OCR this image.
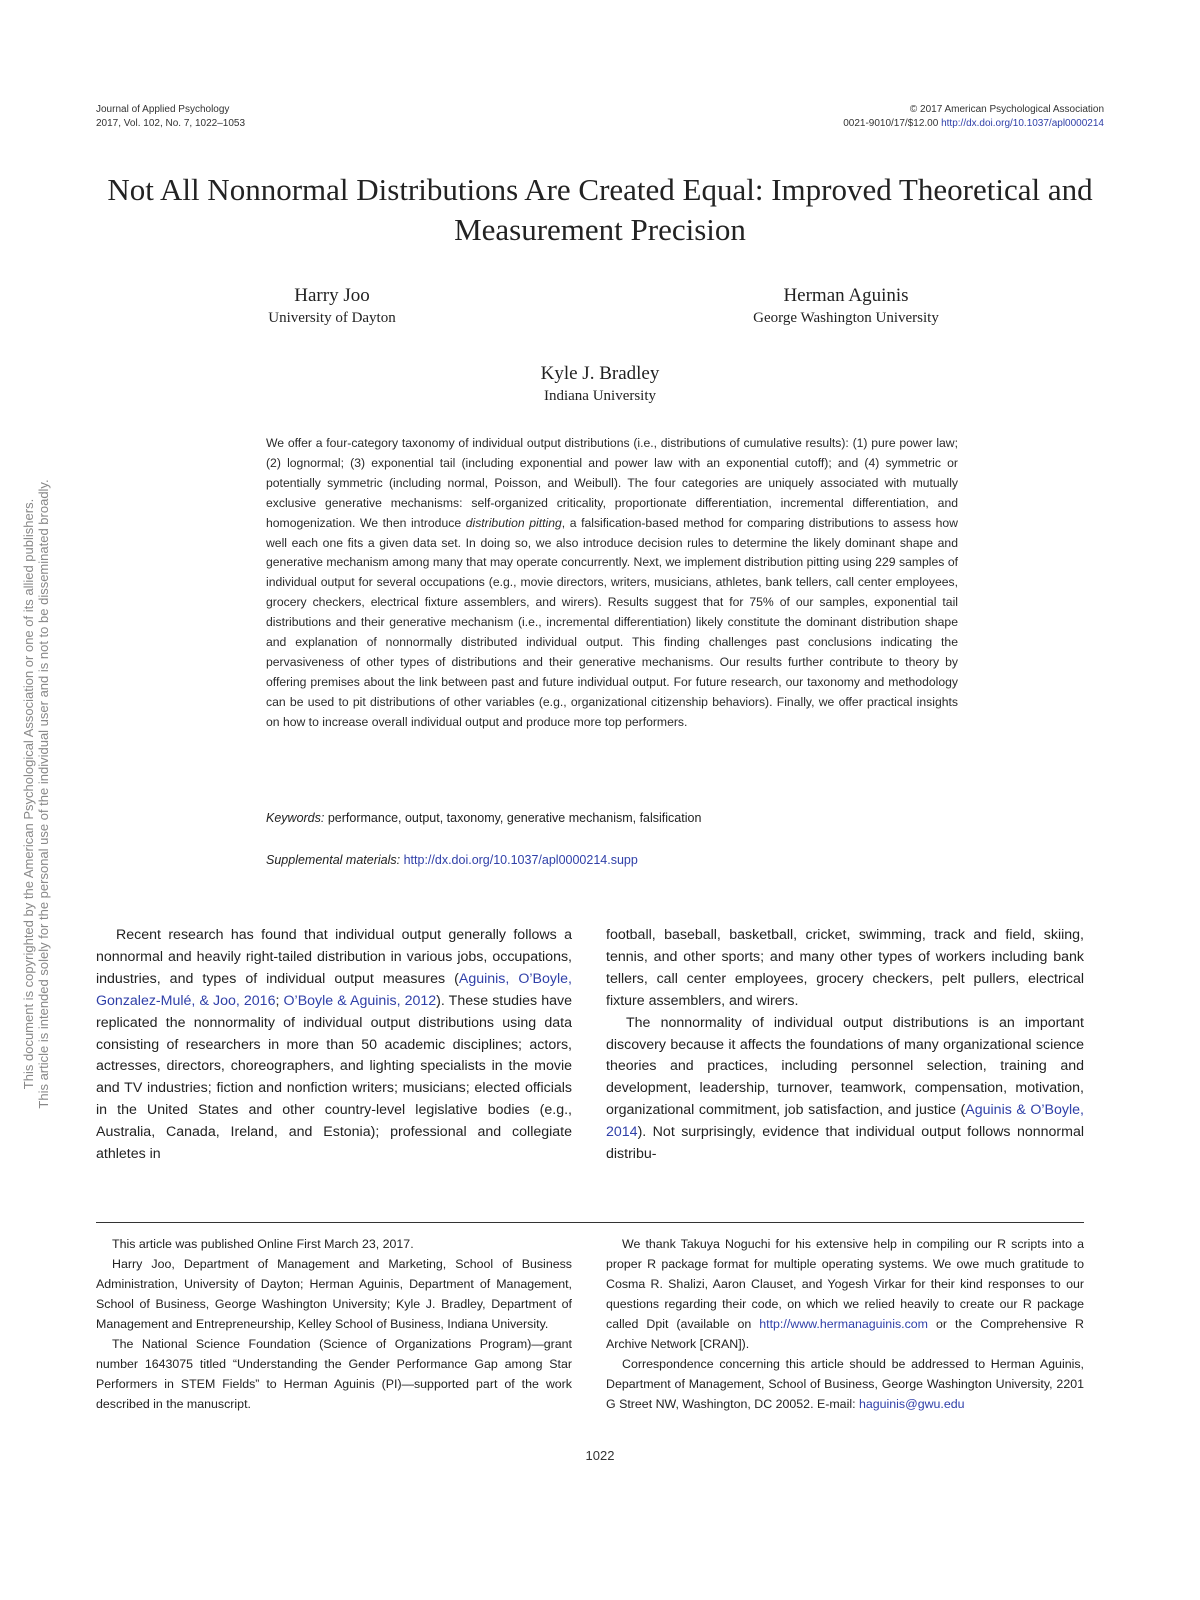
Journal of Applied Psychology
2017, Vol. 102, No. 7, 1022–1053
© 2017 American Psychological Association
0021-9010/17/$12.00 http://dx.doi.org/10.1037/apl0000214
Not All Nonnormal Distributions Are Created Equal: Improved Theoretical and Measurement Precision
Harry Joo
University of Dayton
Herman Aguinis
George Washington University
Kyle J. Bradley
Indiana University
We offer a four-category taxonomy of individual output distributions (i.e., distributions of cumulative results): (1) pure power law; (2) lognormal; (3) exponential tail (including exponential and power law with an exponential cutoff); and (4) symmetric or potentially symmetric (including normal, Poisson, and Weibull). The four categories are uniquely associated with mutually exclusive generative mechanisms: self-organized criticality, proportionate differentiation, incremental differentiation, and homogenization. We then introduce distribution pitting, a falsification-based method for comparing distributions to assess how well each one fits a given data set. In doing so, we also introduce decision rules to determine the likely dominant shape and generative mechanism among many that may operate concurrently. Next, we implement distribution pitting using 229 samples of individual output for several occupations (e.g., movie directors, writers, musicians, athletes, bank tellers, call center employees, grocery checkers, electrical fixture assemblers, and wirers). Results suggest that for 75% of our samples, exponential tail distributions and their generative mechanism (i.e., incremental differentiation) likely constitute the dominant distribution shape and explanation of nonnormally distributed individual output. This finding challenges past conclusions indicating the pervasiveness of other types of distributions and their generative mechanisms. Our results further contribute to theory by offering premises about the link between past and future individual output. For future research, our taxonomy and methodology can be used to pit distributions of other variables (e.g., organizational citizenship behaviors). Finally, we offer practical insights on how to increase overall individual output and produce more top performers.
Keywords: performance, output, taxonomy, generative mechanism, falsification
Supplemental materials: http://dx.doi.org/10.1037/apl0000214.supp

Recent research has found that individual output generally follows a nonnormal and heavily right-tailed distribution in various jobs, occupations, industries, and types of individual output measures (Aguinis, O’Boyle, Gonzalez-Mulé, & Joo, 2016; O’Boyle & Aguinis, 2012). These studies have replicated the nonnormality of individual output distributions using data consisting of researchers in more than 50 academic disciplines; actors, actresses, directors, choreographers, and lighting specialists in the movie and TV industries; fiction and nonfiction writers; musicians; elected officials in the United States and other country-level legislative bodies (e.g., Australia, Canada, Ireland, and Estonia); professional and collegiate athletes in

football, baseball, basketball, cricket, swimming, track and field, skiing, tennis, and other sports; and many other types of workers including bank tellers, call center employees, grocery checkers, pelt pullers, electrical fixture assemblers, and wirers.

The nonnormality of individual output distributions is an important discovery because it affects the foundations of many organizational science theories and practices, including personnel selection, training and development, leadership, turnover, teamwork, compensation, motivation, organizational commitment, job satisfaction, and justice (Aguinis & O’Boyle, 2014). Not surprisingly, evidence that individual output follows nonnormal distribu-

This article was published Online First March 23, 2017.

Harry Joo, Department of Management and Marketing, School of Business Administration, University of Dayton; Herman Aguinis, Department of Management, School of Business, George Washington University; Kyle J. Bradley, Department of Management and Entrepreneurship, Kelley School of Business, Indiana University.

The National Science Foundation (Science of Organizations Program)—grant number 1643075 titled “Understanding the Gender Performance Gap among Star Performers in STEM Fields” to Herman Aguinis (PI)—supported part of the work described in the manuscript.

We thank Takuya Noguchi for his extensive help in compiling our R scripts into a proper R package format for multiple operating systems. We owe much gratitude to Cosma R. Shalizi, Aaron Clauset, and Yogesh Virkar for their kind responses to our questions regarding their code, on which we relied heavily to create our R package called Dpit (available on http://www.hermanaguinis.com or the Comprehensive R Archive Network [CRAN]).

Correspondence concerning this article should be addressed to Herman Aguinis, Department of Management, School of Business, George Washington University, 2201 G Street NW, Washington, DC 20052. E-mail: haguinis@gwu.edu

1022
This document is copyrighted by the American Psychological Association or one of its allied publishers. This article is intended solely for the personal use of the individual user and is not to be disseminated broadly.
